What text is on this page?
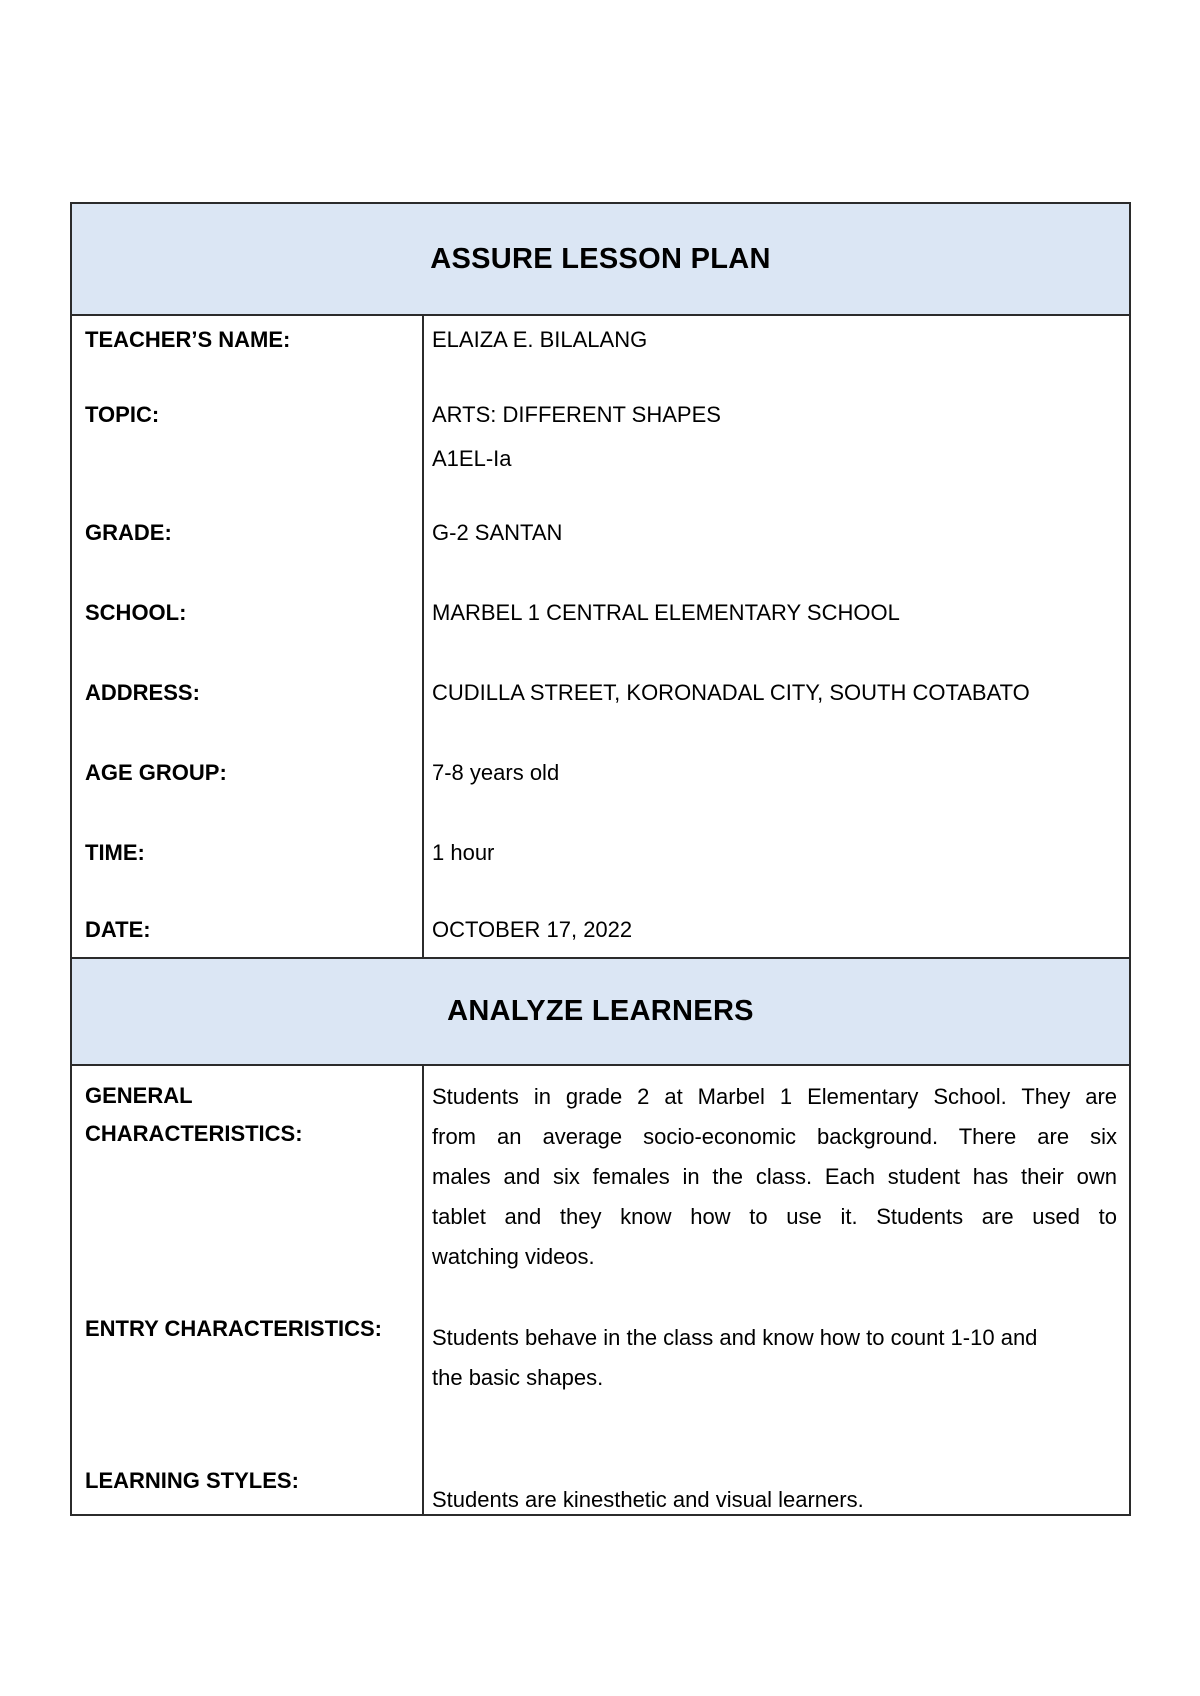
ASSURE LESSON PLAN
TEACHER’S NAME:	ELAIZA E. BILALANG
TOPIC:	ARTS: DIFFERENT SHAPES
A1EL-Ia
GRADE:	G-2 SANTAN
SCHOOL:	MARBEL 1 CENTRAL ELEMENTARY SCHOOL
ADDRESS:	CUDILLA STREET, KORONADAL CITY, SOUTH COTABATO
AGE GROUP:	7-8 years old
TIME:	1 hour
DATE:	OCTOBER 17, 2022
ANALYZE LEARNERS
GENERAL
CHARACTERISTICS:
Students in grade 2 at Marbel 1 Elementary School. They are
from an average socio-economic background. There are six
males and six females in the class. Each student has their own
tablet and they know how to use it. Students are used to
watching videos.
ENTRY CHARACTERISTICS:	Students behave in the class and know how to count 1-10 and
the basic shapes.
LEARNING STYLES:
Students are kinesthetic and visual learners.
